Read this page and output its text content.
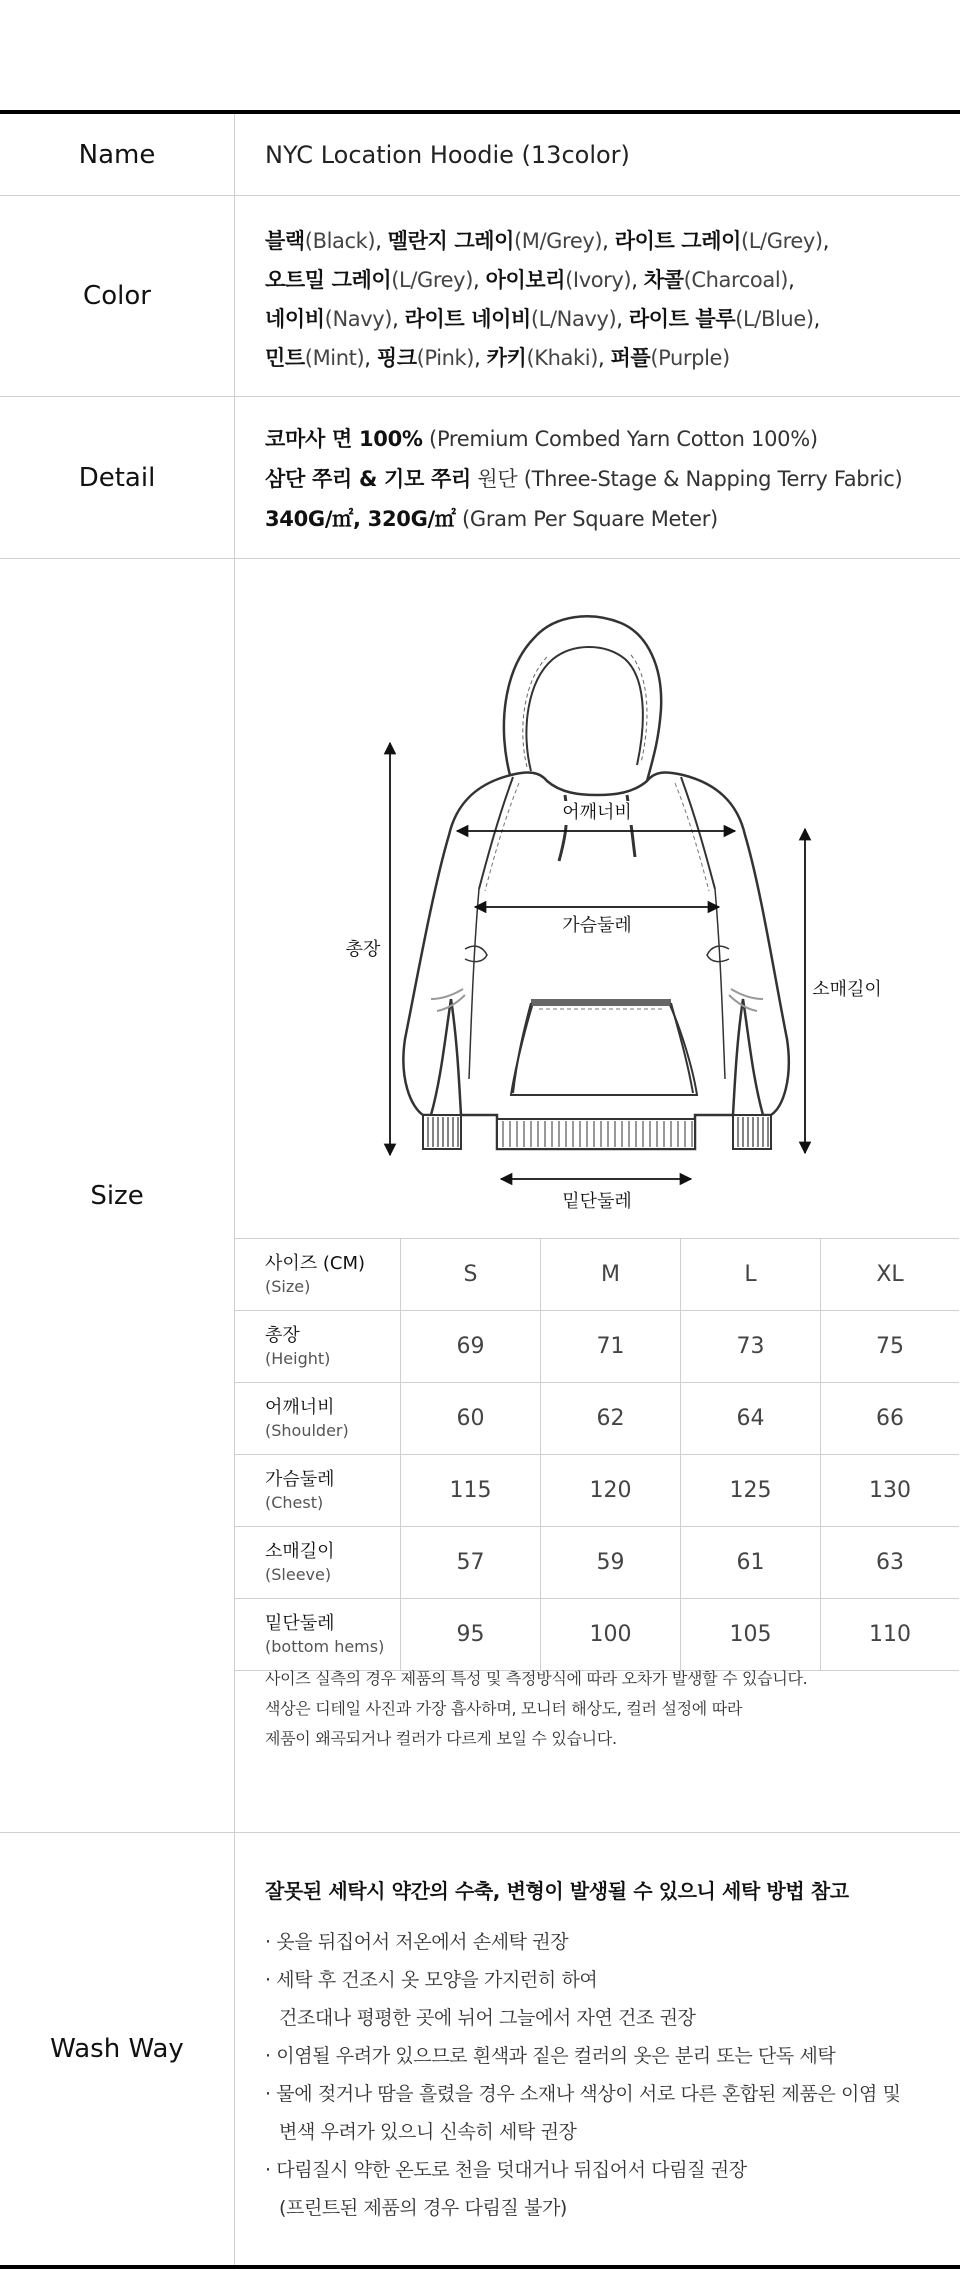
Name	NYC Location Hoodie (13color)
Color
블랙(Black), 멜란지 그레이(M/Grey), 라이트 그레이(L/Grey),
오트밀 그레이(L/Grey), 아이보리(Ivory), 차콜(Charcoal),
네이비(Navy), 라이트 네이비(L/Navy), 라이트 블루(L/Blue),
민트(Mint), 핑크(Pink), 카키(Khaki), 퍼플(Purple)
Detail
코마사 면 100% (Premium Combed Yarn Cotton 100%)
삼단 쭈리 & 기모 쭈리 원단 (Three-Stage & Napping Terry Fabric)
340G/㎡, 320G/㎡ (Gram Per Square Meter)
Size
어깨너비
가슴둘레
총장
소매길이
밑단둘레
사이즈 (CM)
(Size)	S	M	L	XL
총장
(Height)	69	71	73	75
어깨너비
(Shoulder)	60	62	64	66
가슴둘레
(Chest)	115	120	125	130
소매길이
(Sleeve)	57	59	61	63
밑단둘레
(bottom hems)	95	100	105	110
사이즈 실측의 경우 제품의 특성 및 측정방식에 따라 오차가 발생할 수 있습니다.
색상은 디테일 사진과 가장 흡사하며, 모니터 해상도, 컬러 설정에 따라
제품이 왜곡되거나 컬러가 다르게 보일 수 있습니다.
Wash Way
잘못된 세탁시 약간의 수축, 변형이 발생될 수 있으니 세탁 방법 참고
· 옷을 뒤집어서 저온에서 손세탁 권장
· 세탁 후 건조시 옷 모양을 가지런히 하여
건조대나 평평한 곳에 뉘어 그늘에서 자연 건조 권장
· 이염될 우려가 있으므로 흰색과 짙은 컬러의 옷은 분리 또는 단독 세탁
· 물에 젖거나 땀을 흘렸을 경우 소재나 색상이 서로 다른 혼합된 제품은 이염 및
변색 우려가 있으니 신속히 세탁 권장
· 다림질시 약한 온도로 천을 덧대거나 뒤집어서 다림질 권장
(프린트된 제품의 경우 다림질 불가)
